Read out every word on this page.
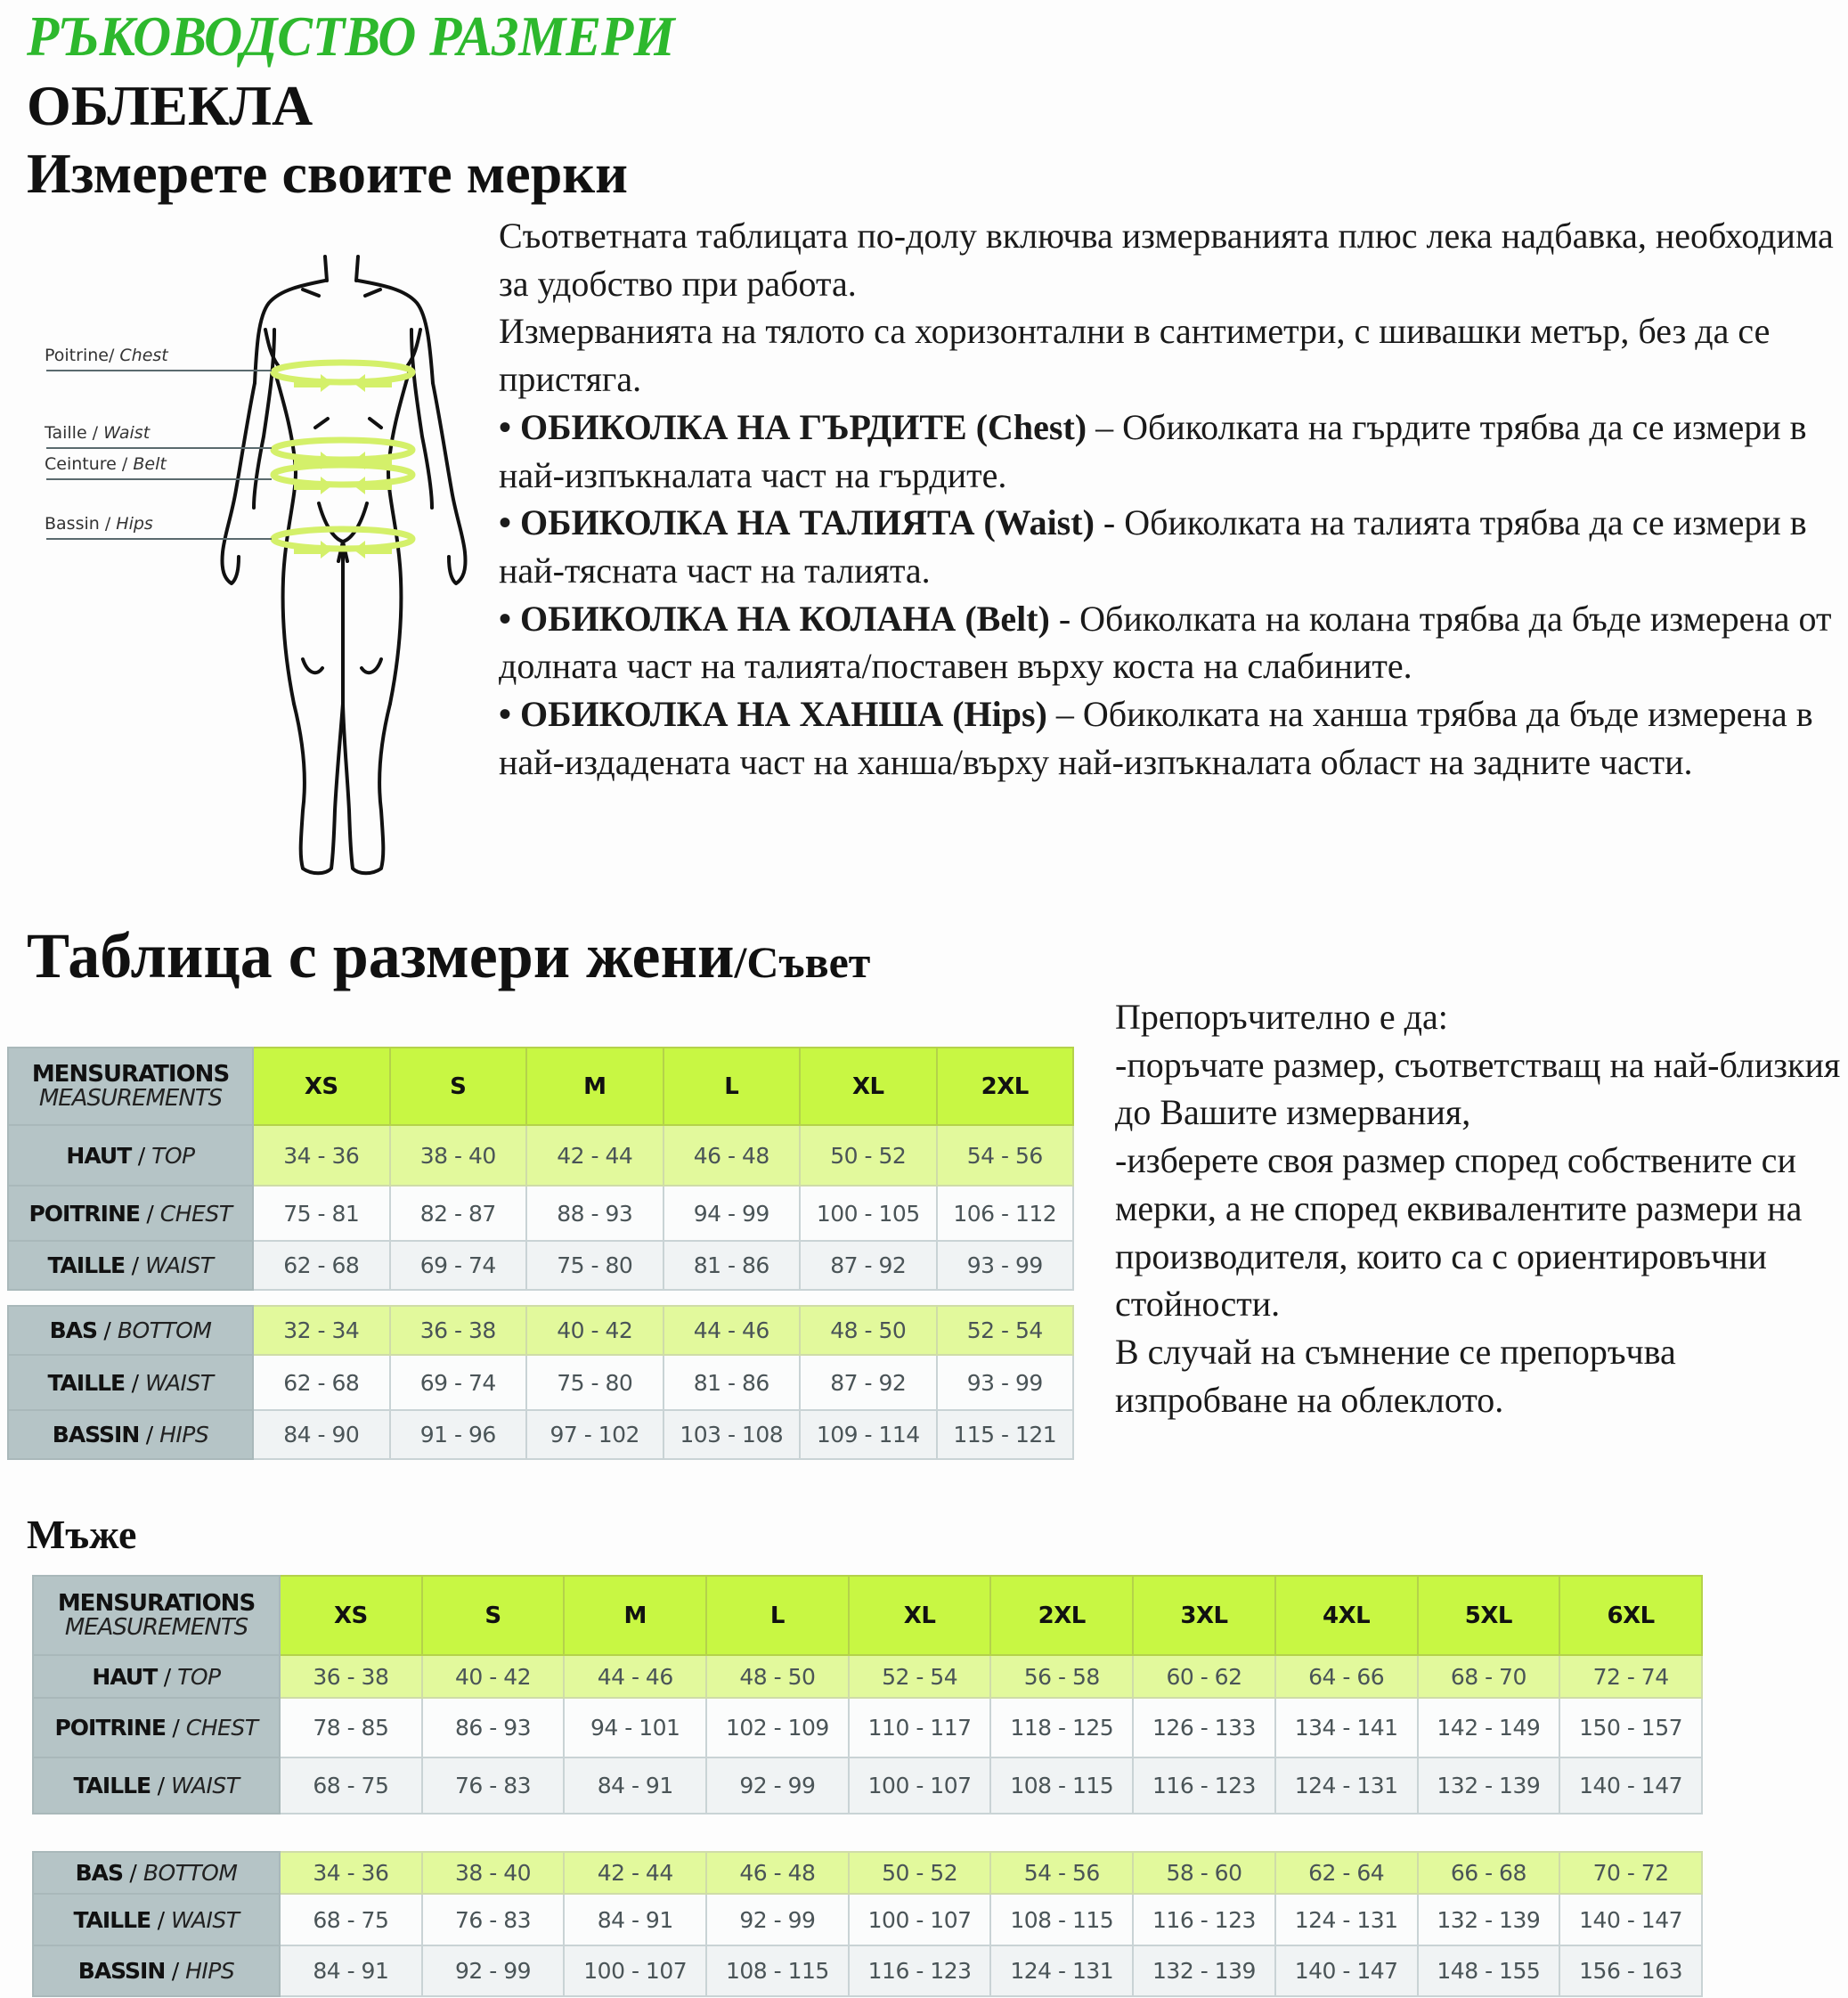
РЪКОВОДСТВО РАЗМЕРИ
ОБЛЕКЛА
Измерете своите мерки
Poitrine/ Chest
Taille / Waist
Ceinture / Belt
Bassin / Hips

Съответната таблицата по-долу включва измерванията плюс лека надбавка, необходима за удобство при работа.

Измерванията на тялото са хоризонтални в сантиметри, с шивашки метър, без да се пристяга.

• ОБИКОЛКА НА ГЪРДИТЕ (Chest) – Обиколката на гърдите трябва да се измери в най-изпъкналата част на гърдите.

• ОБИКОЛКА НА ТАЛИЯТА (Waist) - Обиколката на талията трябва да се измери в най-тясната част на талията.

• ОБИКОЛКА НА КОЛАНА (Belt) - Обиколката на колана трябва да бъде измерена от долната част на талията/поставен върху коста на слабините.

• ОБИКОЛКА НА ХАНША (Hips) – Обиколката на ханша трябва да бъде измерена в най-издадената част на ханша/върху най-изпъкналата област на задните части.

Таблица с размери жени/Съвет
MENSURATIONS
MEASUREMENTS	XS	S	M	L	XL	2XL
HAUT / TOP	34 - 36	38 - 40	42 - 44	46 - 48	50 - 52	54 - 56
POITRINE / CHEST	75 - 81	82 - 87	88 - 93	94 - 99	100 - 105	106 - 112
TAILLE / WAIST	62 - 68	69 - 74	75 - 80	81 - 86	87 - 92	93 - 99
BAS / BOTTOM	32 - 34	36 - 38	40 - 42	44 - 46	48 - 50	52 - 54
TAILLE / WAIST	62 - 68	69 - 74	75 - 80	81 - 86	87 - 92	93 - 99
BASSIN / HIPS	84 - 90	91 - 96	97 - 102	103 - 108	109 - 114	115 - 121

Препоръчително е да:

-поръчате размер, съответстващ на най-близкия до Вашите измервания,

-изберете своя размер според собствените си мерки, а не според еквивалентите размери на производителя, които са с ориентировъчни стойности.

В случай на съмнение се препоръчва изпробване на облеклото.

Мъже
MENSURATIONS
MEASUREMENTS	XS	S	M	L	XL	2XL	3XL	4XL	5XL	6XL
HAUT / TOP	36 - 38	40 - 42	44 - 46	48 - 50	52 - 54	56 - 58	60 - 62	64 - 66	68 - 70	72 - 74
POITRINE / CHEST	78 - 85	86 - 93	94 - 101	102 - 109	110 - 117	118 - 125	126 - 133	134 - 141	142 - 149	150 - 157
TAILLE / WAIST	68 - 75	76 - 83	84 - 91	92 - 99	100 - 107	108 - 115	116 - 123	124 - 131	132 - 139	140 - 147
BAS / BOTTOM	34 - 36	38 - 40	42 - 44	46 - 48	50 - 52	54 - 56	58 - 60	62 - 64	66 - 68	70 - 72
TAILLE / WAIST	68 - 75	76 - 83	84 - 91	92 - 99	100 - 107	108 - 115	116 - 123	124 - 131	132 - 139	140 - 147
BASSIN / HIPS	84 - 91	92 - 99	100 - 107	108 - 115	116 - 123	124 - 131	132 - 139	140 - 147	148 - 155	156 - 163
